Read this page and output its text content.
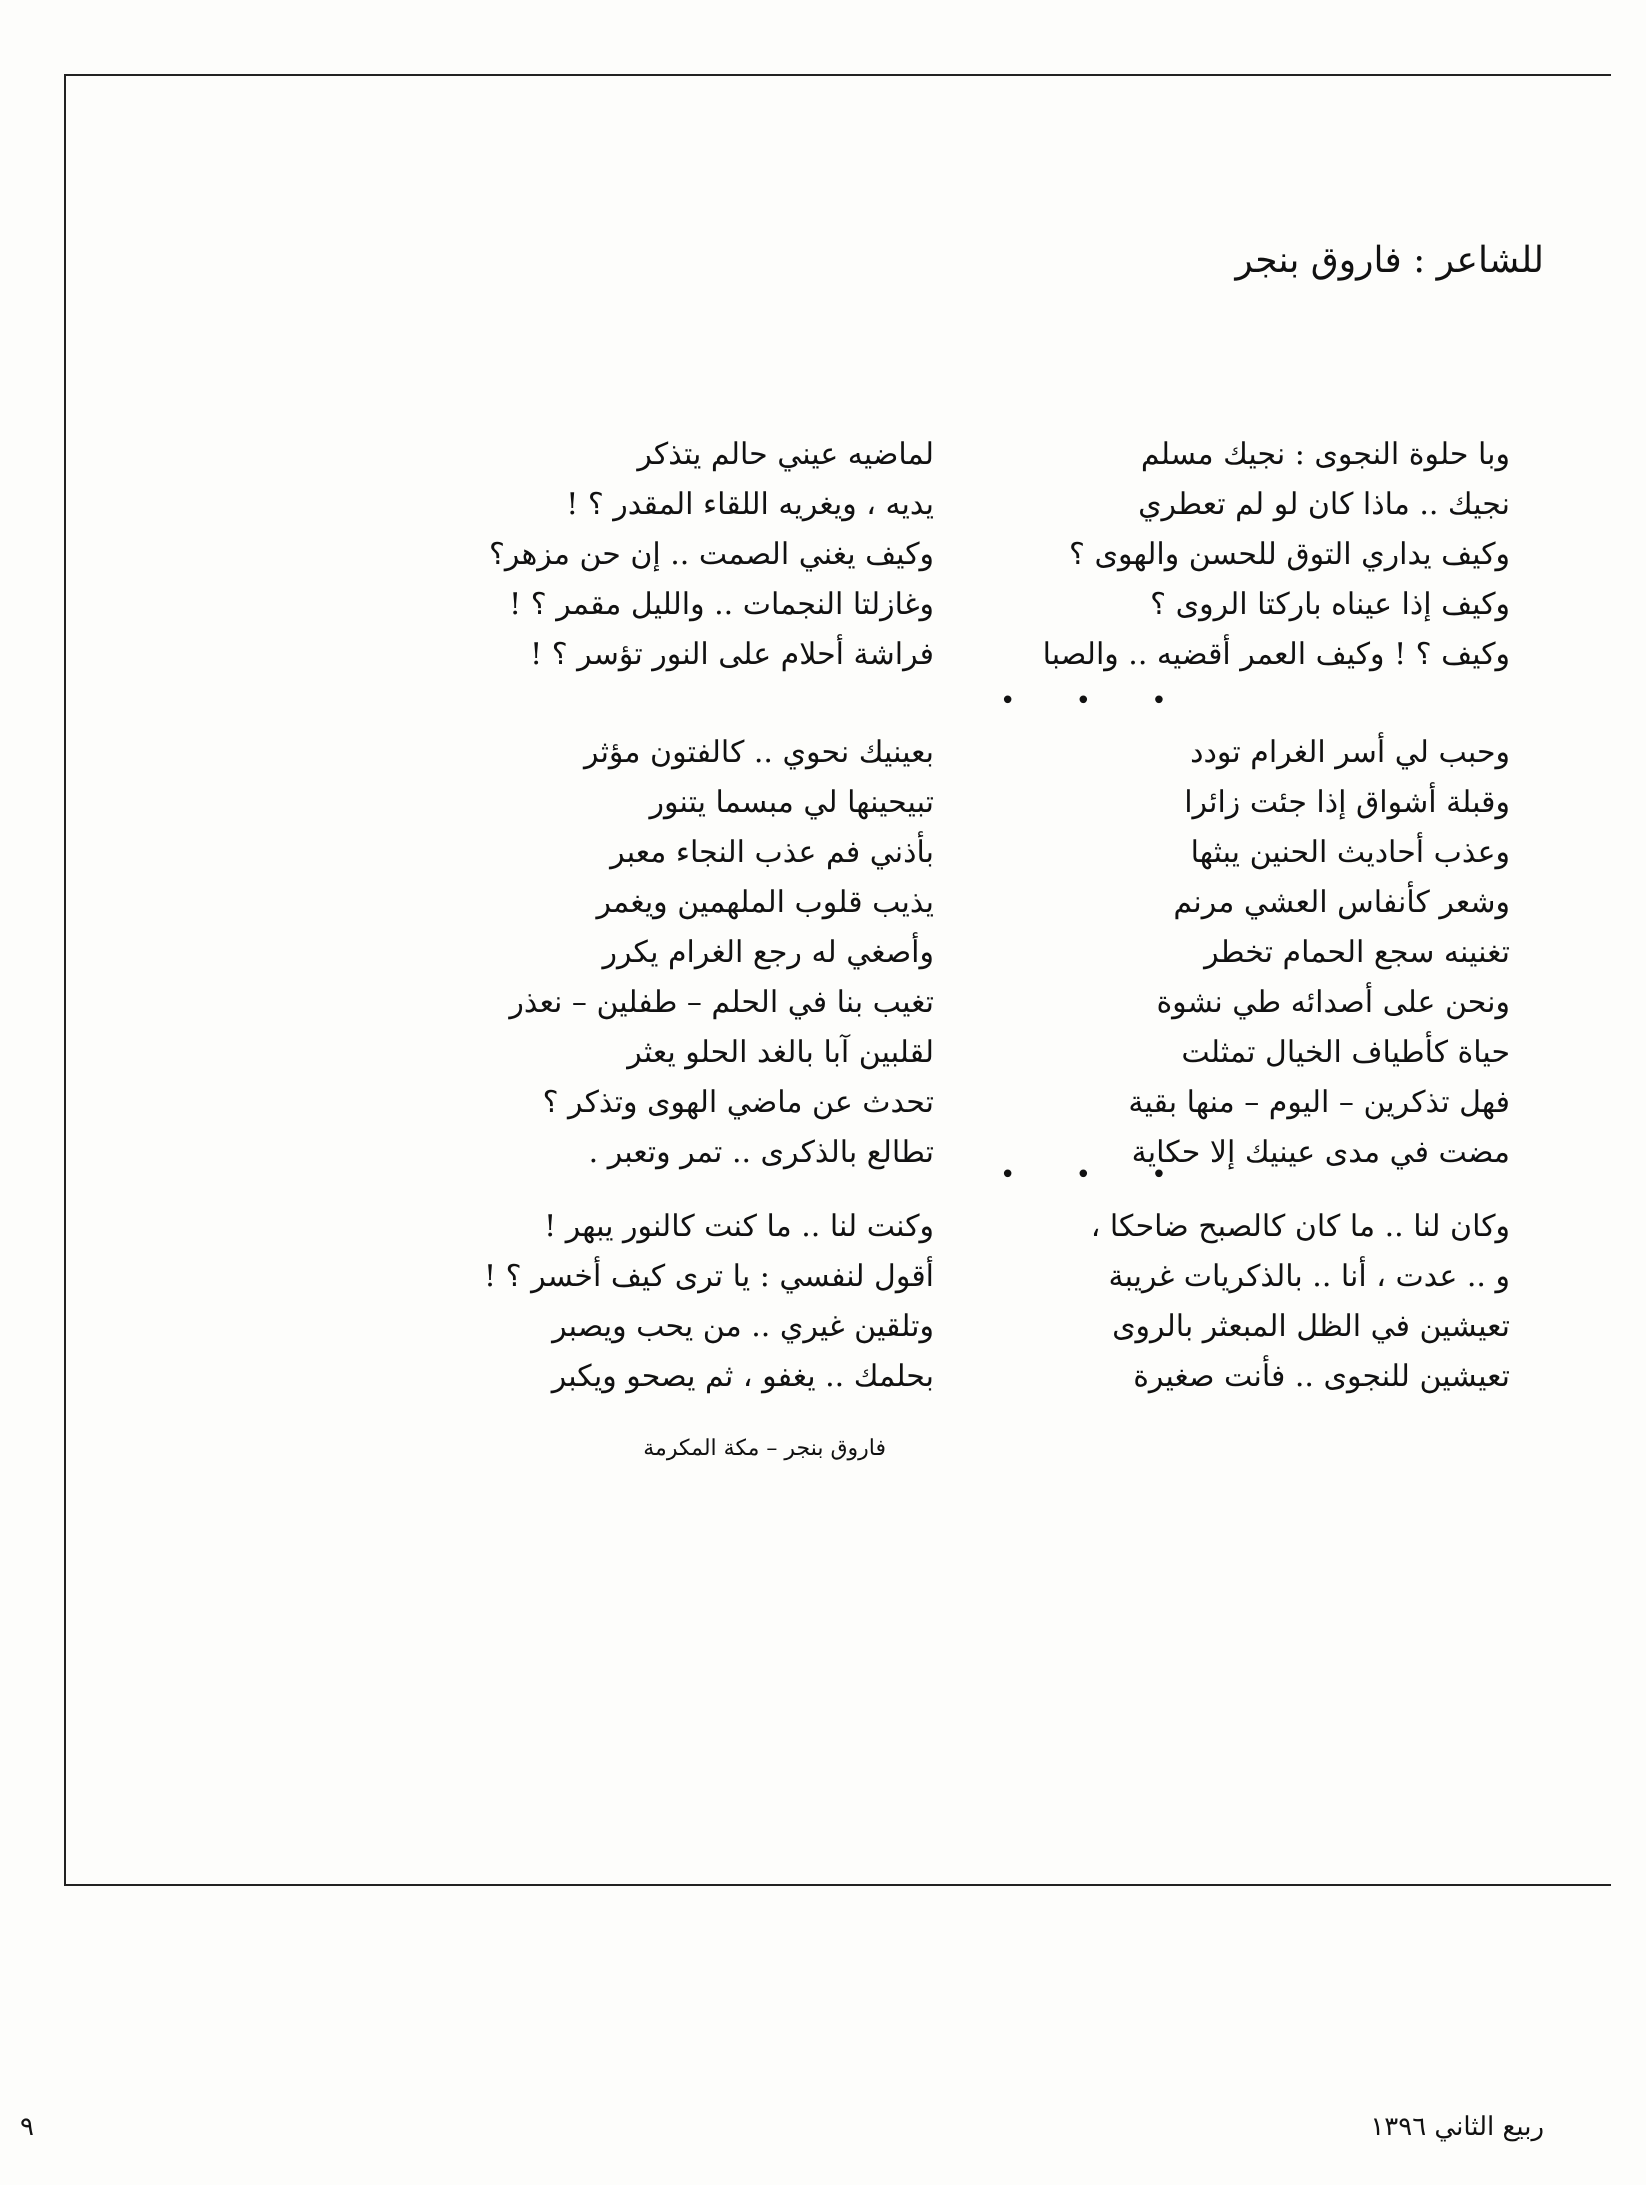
للشاعر : فاروق بنجر
وبا حلوة النجوى : نجيك مسلم
نجيك .. ماذا كان لو لم تعطري
وكيف يداري التوق للحسن والهوى ؟
وكيف إذا عيناه باركتا الروى ؟
وكيف ؟ ! وكيف العمر أقضيه .. والصبا
وحبب لي أسر الغرام تودد
وقبلة أشواق إذا جئت زائرا
وعذب أحاديث الحنين يبثها
وشعر كأنفاس العشي مرنم
تغنينه سجع الحمام تخطر
ونحن على أصدائه طي نشوة
حياة كأطياف الخيال تمثلت
فهل تذكرين – اليوم – منها بقية
مضت في مدى عينيك إلا حكاية
وكان لنا .. ما كان كالصبح ضاحكا ،
و .. عدت ، أنا .. بالذكريات غريبة
تعيشين في الظل المبعثر بالروى
تعيشين للنجوى .. فأنت صغيرة
لماضيه عيني حالم يتذكر
يديه ، ويغريه اللقاء المقدر ؟ !
وكيف يغني الصمت .. إن حن مزهر؟
وغازلتا النجمات .. والليل مقمر ؟ !
فراشة أحلام على النور تؤسر ؟ !
بعينيك نحوي .. كالفتون مؤثر
تبيحينها لي مبسما يتنور
بأذني فم عذب النجاء معبر
يذيب قلوب الملهمين ويغمر
وأصغي له رجع الغرام يكرر
تغيب بنا في الحلم – طفلين – نعذر
لقلبين آبا بالغد الحلو يعثر
تحدث عن ماضي الهوى وتذكر ؟
تطالع بالذكرى .. تمر وتعبر .
وكنت لنا .. ما كنت كالنور يبهر !
أقول لنفسي : يا ترى كيف أخسر ؟ !
وتلقين غيري .. من يحب ويصبر
بحلمك .. يغفو ، ثم يصحو ويكبر
• • •
• • •
فاروق بنجر – مكة المكرمة
ربيع الثاني ١٣٩٦
٩
